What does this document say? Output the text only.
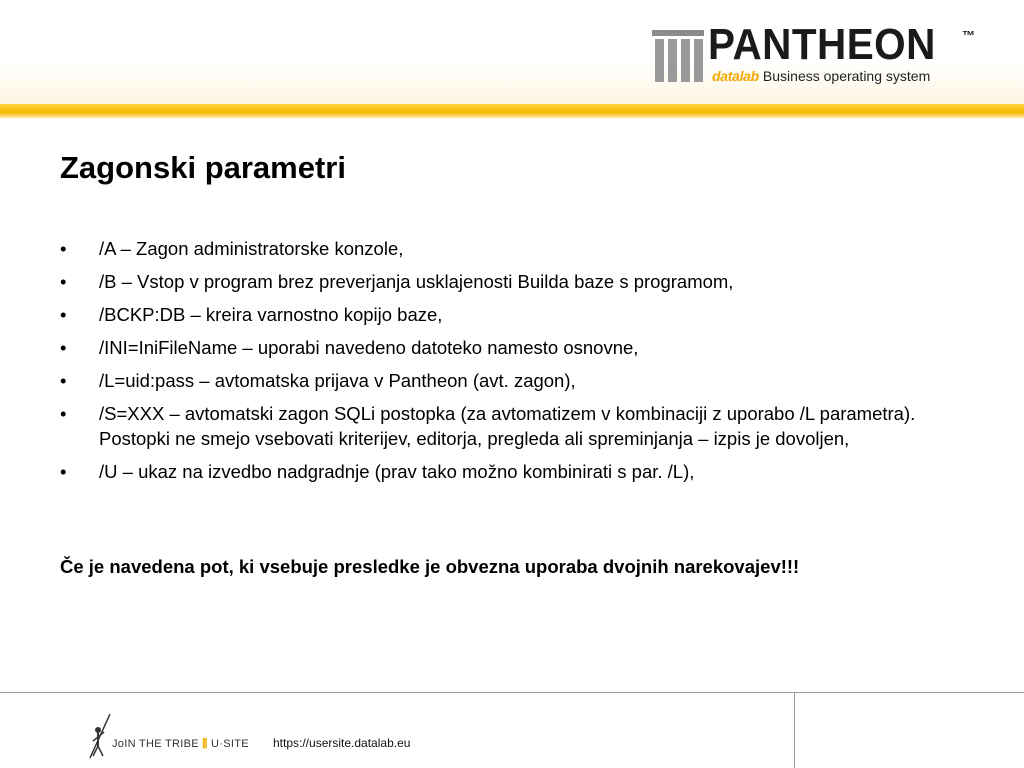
PANTHEON ™
datalab Business operating system
Zagonski parametri
• /A – Zagon administratorske konzole,
• /B – Vstop v program brez preverjanja usklajenosti Builda baze s programom,
• /BCKP:DB – kreira varnostno kopijo baze,
• /INI=IniFileName – uporabi navedeno datoteko namesto osnovne,
• /L=uid:pass – avtomatska prijava v Pantheon (avt. zagon),
• /S=XXX – avtomatski zagon SQLi postopka (za avtomatizem v kombinaciji z uporabo /L parametra). Postopki ne smejo vsebovati kriterijev, editorja, pregleda ali spreminjanja – izpis je dovoljen,
• /U – ukaz na izvedbo nadgradnje (prav tako možno kombinirati s par. /L),
Če je navedena pot, ki vsebuje presledke je obvezna uporaba dvojnih narekovajev!!!
JoIN THE TRIBE ⫼ U·SITE https://usersite.datalab.eu
